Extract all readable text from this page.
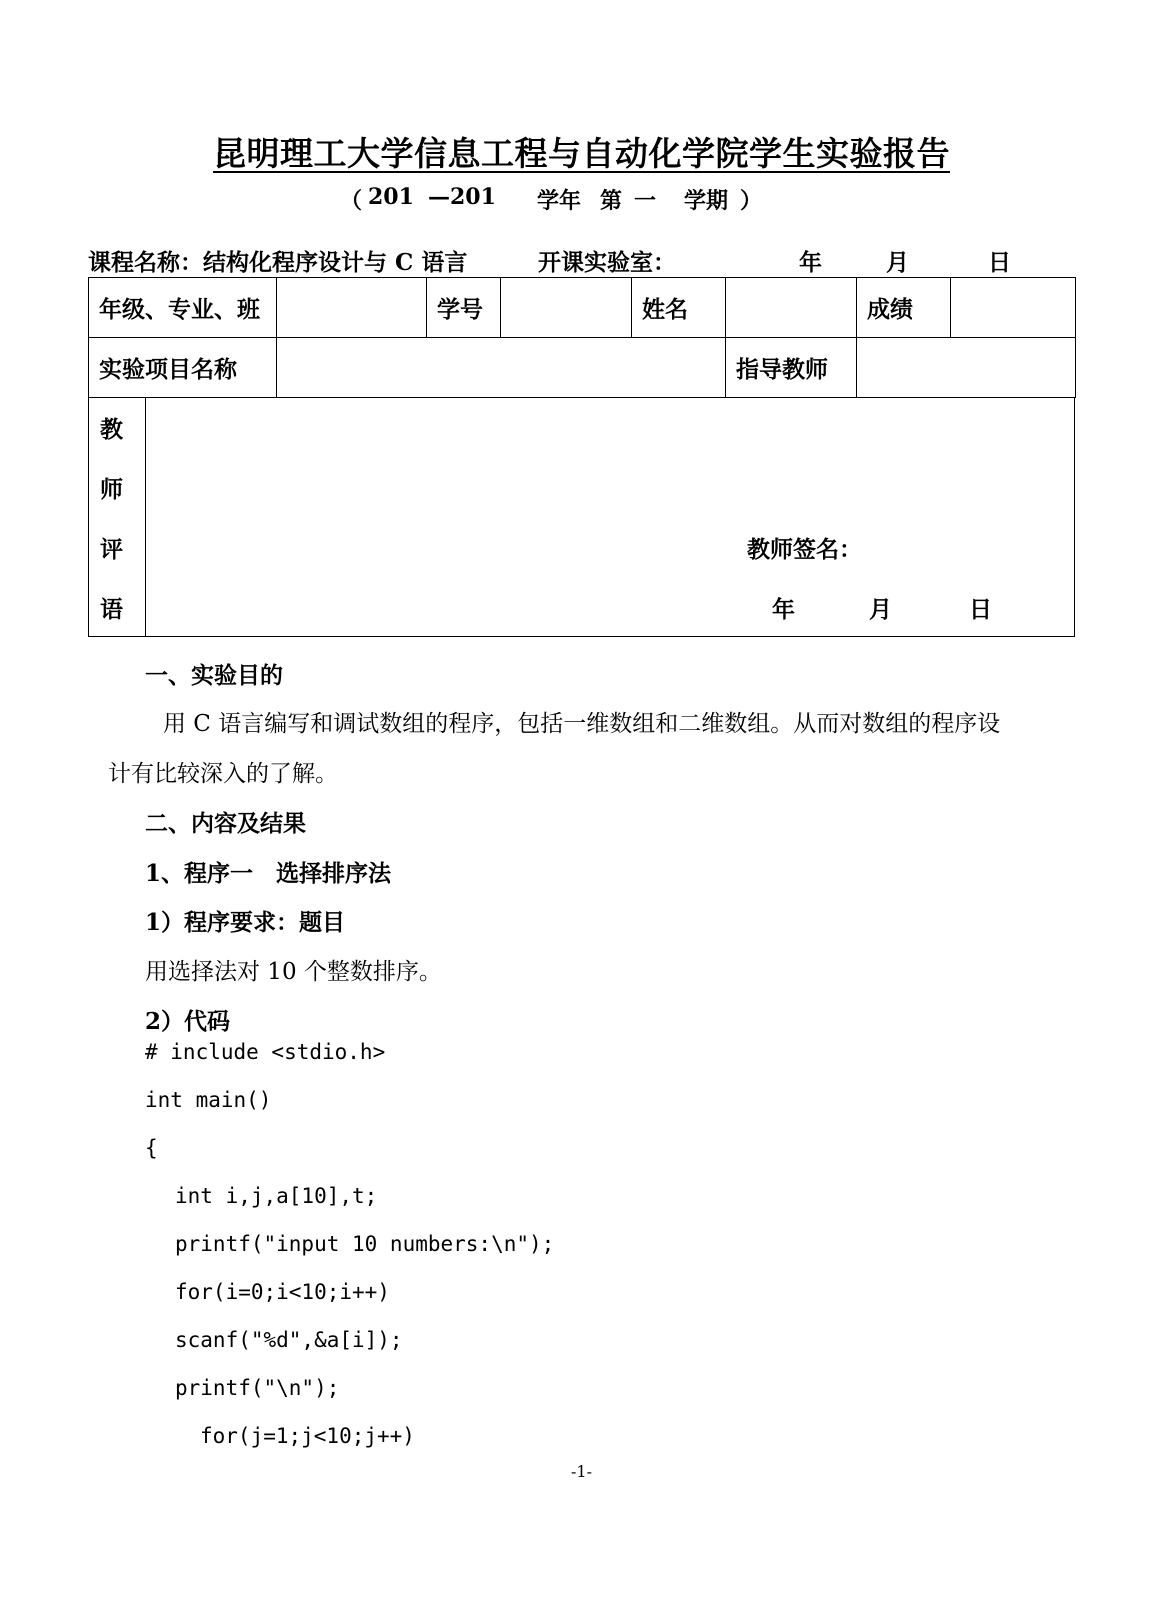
昆明理工大学信息工程与自动化学院学生实验报告
（ 201 —201 学年 第 一 学期 ）
课程名称：结构化程序设计与 C 语言	开课实验室：	年	月	日
年级、专业、班		学号		姓名		成绩	
实验项目名称					指导教师		
教
师
评
语
教师签名：
年	月	日
一、实验目的
用 C 语言编写和调试数组的程序，包括一维数组和二维数组。从而对数组的程序设
计有比较深入的了解。
二、内容及结果
1、程序一　选择排序法
1）程序要求：题目
用选择法对 10 个整数排序。
2）代码
# include <stdio.h>
int main()
{
int i,j,a[10],t;
printf("input 10 numbers:\n");
for(i=0;i<10;i++)
scanf("%d",&a[i]);
printf("\n");
for(j=1;j<10;j++)
-1-
